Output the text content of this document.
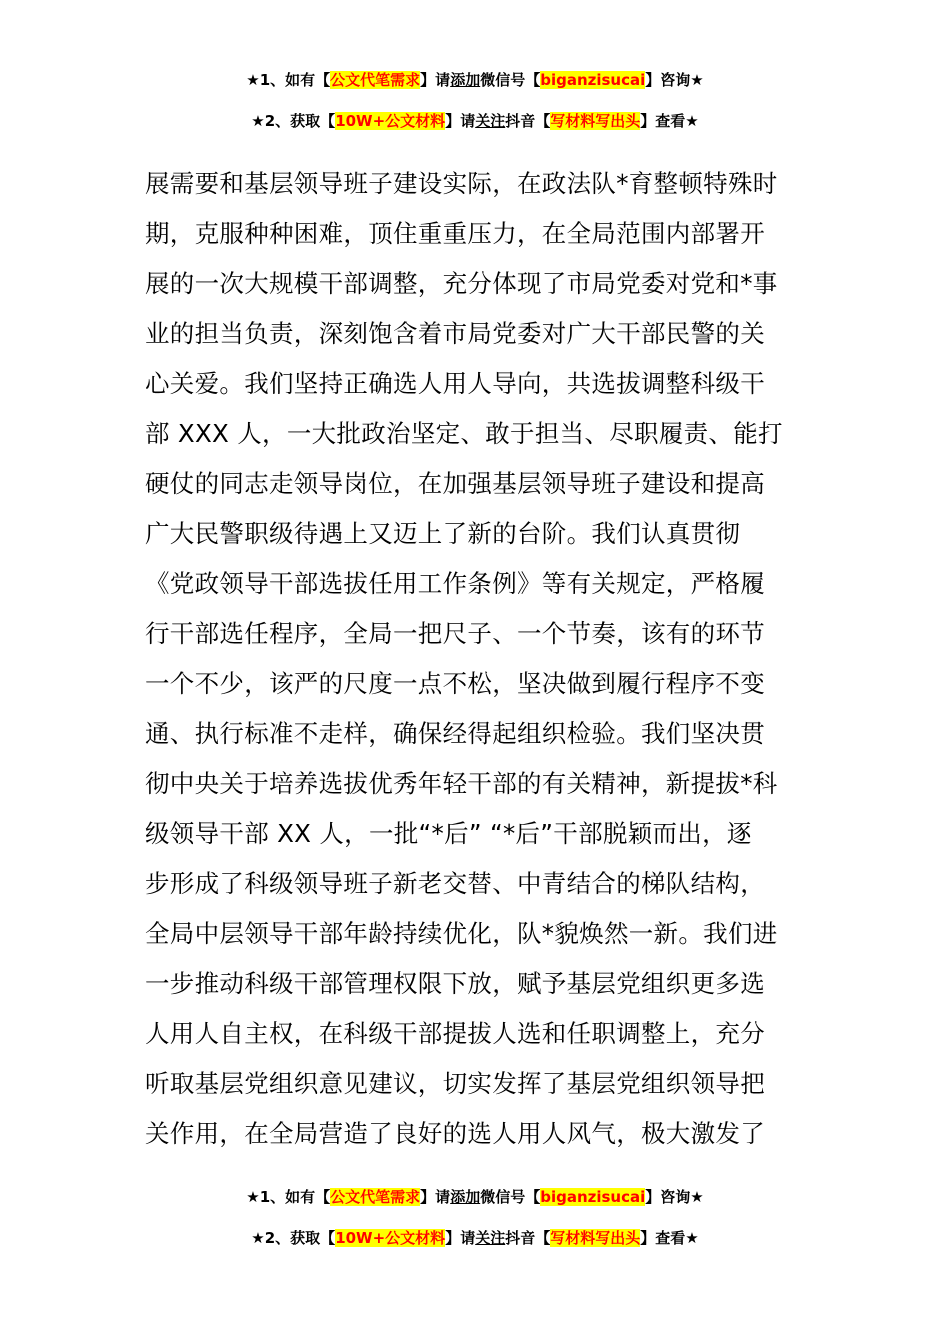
★1、如有【公文代笔需求】请添加微信号【biganzisucai】咨询★
★2、获取【10W+公文材料】请关注抖音【写材料写出头】查看★
展需要和基层领导班子建设实际，在政法队*育整顿特殊时
期，克服种种困难，顶住重重压力，在全局范围内部署开
展的一次大规模干部调整，充分体现了市局党委对党和*事
业的担当负责，深刻饱含着市局党委对广大干部民警的关
心关爱。我们坚持正确选人用人导向，共选拔调整科级干
部 XXX 人，一大批政治坚定、敢于担当、尽职履责、能打
硬仗的同志走领导岗位，在加强基层领导班子建设和提高
广大民警职级待遇上又迈上了新的台阶。我们认真贯彻
《党政领导干部选拔任用工作条例》等有关规定，严格履
行干部选任程序，全局一把尺子、一个节奏，该有的环节
一个不少，该严的尺度一点不松，坚决做到履行程序不变
通、执行标准不走样，确保经得起组织检验。我们坚决贯
彻中央关于培养选拔优秀年轻干部的有关精神，新提拔*科
级领导干部 XX 人，一批“*后” “*后”干部脱颖而出，逐
步形成了科级领导班子新老交替、中青结合的梯队结构，
全局中层领导干部年龄持续优化，队*貌焕然一新。我们进
一步推动科级干部管理权限下放，赋予基层党组织更多选
人用人自主权，在科级干部提拔人选和任职调整上，充分
听取基层党组织意见建议，切实发挥了基层党组织领导把
关作用，在全局营造了良好的选人用人风气，极大激发了
★1、如有【公文代笔需求】请添加微信号【biganzisucai】咨询★
★2、获取【10W+公文材料】请关注抖音【写材料写出头】查看★
